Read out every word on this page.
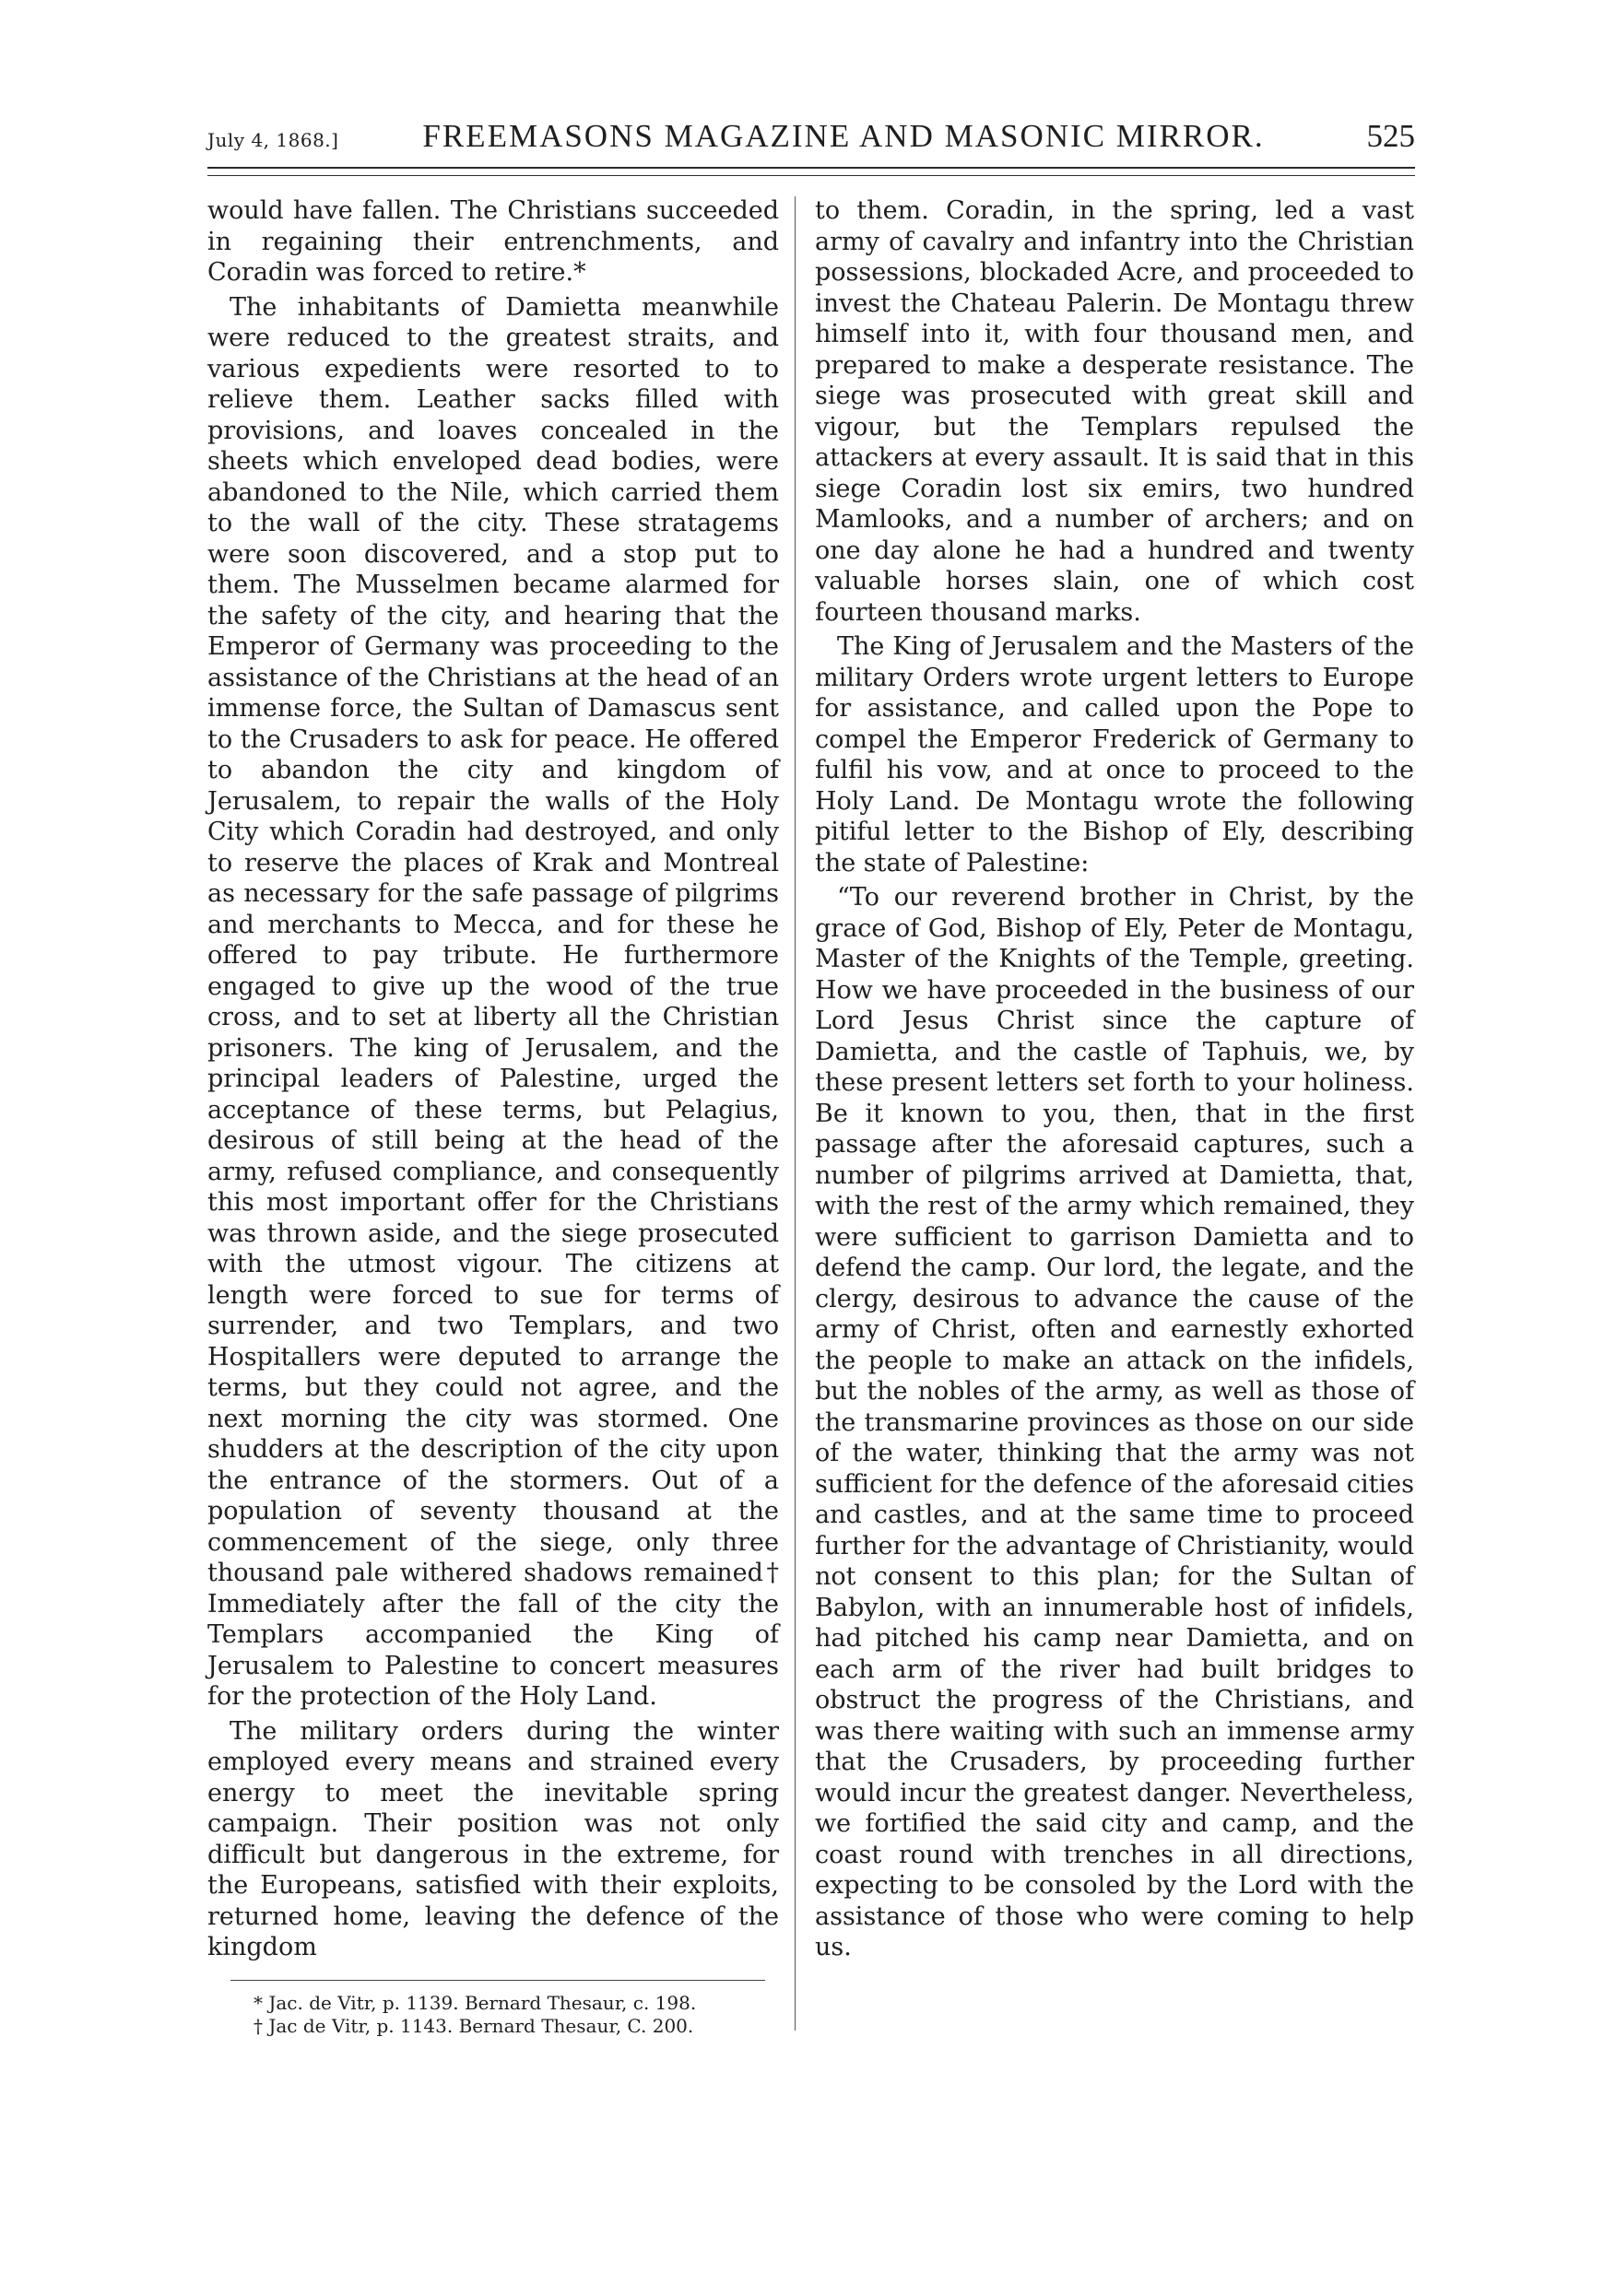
July 4, 1868.]	FREEMASONS MAGAZINE AND MASONIC MIRROR.	525

would have fallen. The Christians succeeded in regaining their entrenchments, and Coradin was forced to retire.*

The inhabitants of Damietta meanwhile were reduced to the greatest straits, and various expedients were resorted to to relieve them. Leather sacks filled with provisions, and loaves concealed in the sheets which enveloped dead bodies, were abandoned to the Nile, which carried them to the wall of the city. These stratagems were soon discovered, and a stop put to them. The Musselmen became alarmed for the safety of the city, and hearing that the Emperor of Germany was proceeding to the assistance of the Christians at the head of an immense force, the Sultan of Damascus sent to the Crusaders to ask for peace. He offered to abandon the city and kingdom of Jerusalem, to repair the walls of the Holy City which Coradin had destroyed, and only to reserve the places of Krak and Montreal as necessary for the safe passage of pilgrims and merchants to Mecca, and for these he offered to pay tribute. He furthermore engaged to give up the wood of the true cross, and to set at liberty all the Christian prisoners. The king of Jerusalem, and the principal leaders of Palestine, urged the acceptance of these terms, but Pelagius, desirous of still being at the head of the army, refused compliance, and consequently this most important offer for the Christians was thrown aside, and the siege prosecuted with the utmost vigour. The citizens at length were forced to sue for terms of surrender, and two Templars, and two Hospitallers were deputed to arrange the terms, but they could not agree, and the next morning the city was stormed. One shudders at the description of the city upon the entrance of the stormers. Out of a population of seventy thousand at the commencement of the siege, only three thousand pale withered shadows remained† Immediately after the fall of the city the Templars accompanied the King of Jerusalem to Palestine to concert measures for the protection of the Holy Land.

The military orders during the winter employed every means and strained every energy to meet the inevitable spring campaign. Their position was not only difficult but dangerous in the extreme, for the Europeans, satisfied with their exploits, returned home, leaving the defence of the kingdom

* Jac. de Vitr, p. 1139. Bernard Thesaur, c. 198.
† Jac de Vitr, p. 1143. Bernard Thesaur, C. 200.

to them. Coradin, in the spring, led a vast army of cavalry and infantry into the Christian possessions, blockaded Acre, and proceeded to invest the Chateau Palerin. De Montagu threw himself into it, with four thousand men, and prepared to make a desperate resistance. The siege was prosecuted with great skill and vigour, but the Templars repulsed the attackers at every assault. It is said that in this siege Coradin lost six emirs, two hundred Mamlooks, and a number of archers; and on one day alone he had a hundred and twenty valuable horses slain, one of which cost fourteen thousand marks.

The King of Jerusalem and the Masters of the military Orders wrote urgent letters to Europe for assistance, and called upon the Pope to compel the Emperor Frederick of Germany to fulfil his vow, and at once to proceed to the Holy Land. De Montagu wrote the following pitiful letter to the Bishop of Ely, describing the state of Palestine:

“To our reverend brother in Christ, by the grace of God, Bishop of Ely, Peter de Montagu, Master of the Knights of the Temple, greeting. How we have proceeded in the business of our Lord Jesus Christ since the capture of Damietta, and the castle of Taphuis, we, by these present letters set forth to your holiness. Be it known to you, then, that in the first passage after the aforesaid captures, such a number of pilgrims arrived at Damietta, that, with the rest of the army which remained, they were sufficient to garrison Damietta and to defend the camp. Our lord, the legate, and the clergy, desirous to advance the cause of the army of Christ, often and earnestly exhorted the people to make an attack on the infidels, but the nobles of the army, as well as those of the transmarine provinces as those on our side of the water, thinking that the army was not sufficient for the defence of the aforesaid cities and castles, and at the same time to proceed further for the advantage of Christianity, would not consent to this plan; for the Sultan of Babylon, with an innumerable host of infidels, had pitched his camp near Damietta, and on each arm of the river had built bridges to obstruct the progress of the Christians, and was there waiting with such an immense army that the Crusaders, by proceeding further would incur the greatest danger. Nevertheless, we fortified the said city and camp, and the coast round with trenches in all directions, expecting to be consoled by the Lord with the assistance of those who were coming to help us.
